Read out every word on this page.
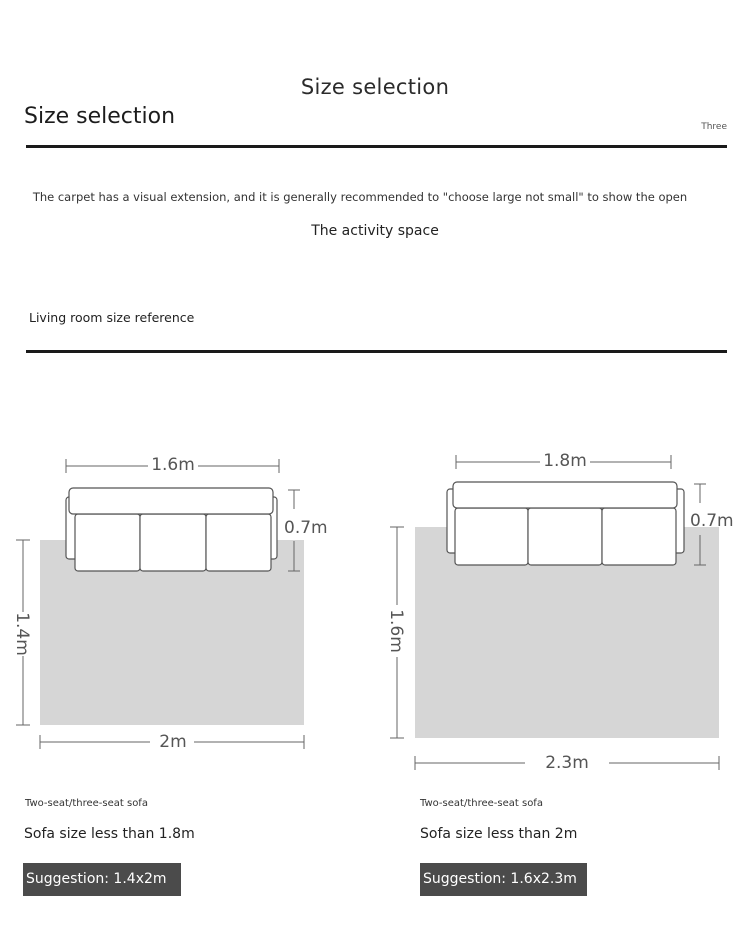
Size selection
Size selection	Three
The carpet has a visual extension, and it is generally recommended to "choose large not small" to show the open
The activity space
Living room size reference
1.6m
0.7m
1.4m
2m
1.8m
0.7m
1.6m
2.3m
Two-seat/three-seat sofa
Sofa size less than 1.8m
Suggestion: 1.4x2m
Two-seat/three-seat sofa
Sofa size less than 2m
Suggestion: 1.6x2.3m
